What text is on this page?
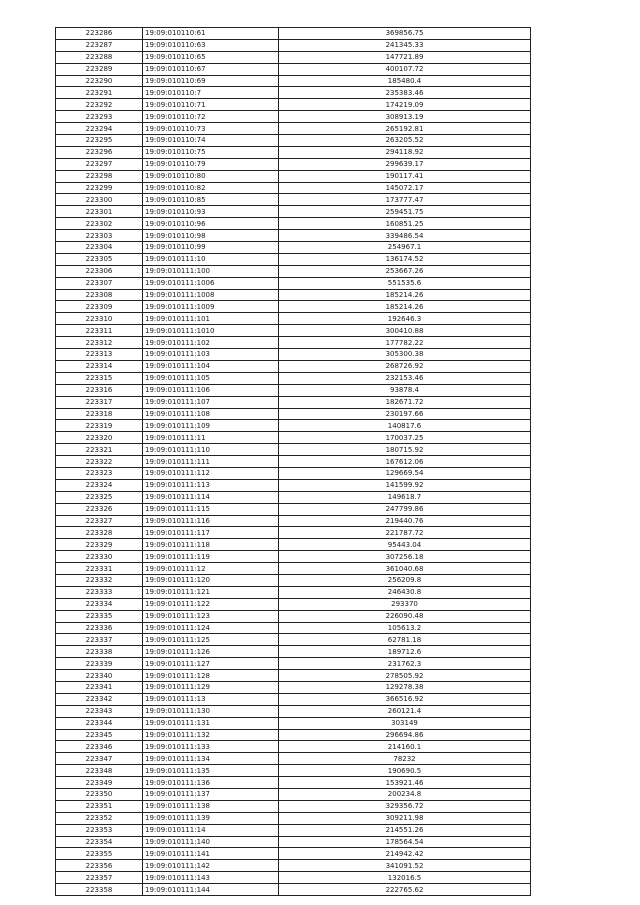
223286	19:09:010110:61	369856.75
223287	19:09:010110:63	241345.33
223288	19:09:010110:65	147721.89
223289	19:09:010110:67	400107.72
223290	19:09:010110:69	185480.4
223291	19:09:010110:7	235383.46
223292	19:09:010110:71	174219.09
223293	19:09:010110:72	308913.19
223294	19:09:010110:73	265192.81
223295	19:09:010110:74	263205.52
223296	19:09:010110:75	294118.92
223297	19:09:010110:79	299639.17
223298	19:09:010110:80	190117.41
223299	19:09:010110:82	145072.17
223300	19:09:010110:85	173777.47
223301	19:09:010110:93	259451.75
223302	19:09:010110:96	160851.25
223303	19:09:010110:98	339486.54
223304	19:09:010110:99	254967.1
223305	19:09:010111:10	136174.52
223306	19:09:010111:100	253667.26
223307	19:09:010111:1006	551535.6
223308	19:09:010111:1008	185214.26
223309	19:09:010111:1009	185214.26
223310	19:09:010111:101	192646.3
223311	19:09:010111:1010	300410.88
223312	19:09:010111:102	177782.22
223313	19:09:010111:103	305300.38
223314	19:09:010111:104	268726.92
223315	19:09:010111:105	232153.46
223316	19:09:010111:106	93878.4
223317	19:09:010111:107	182671.72
223318	19:09:010111:108	230197.66
223319	19:09:010111:109	140817.6
223320	19:09:010111:11	170037.25
223321	19:09:010111:110	180715.92
223322	19:09:010111:111	167612.06
223323	19:09:010111:112	129669.54
223324	19:09:010111:113	141599.92
223325	19:09:010111:114	149618.7
223326	19:09:010111:115	247799.86
223327	19:09:010111:116	219440.76
223328	19:09:010111:117	221787.72
223329	19:09:010111:118	95443.04
223330	19:09:010111:119	307256.18
223331	19:09:010111:12	361040.68
223332	19:09:010111:120	256209.8
223333	19:09:010111:121	246430.8
223334	19:09:010111:122	293370
223335	19:09:010111:123	226090.48
223336	19:09:010111:124	105613.2
223337	19:09:010111:125	62781.18
223338	19:09:010111:126	189712.6
223339	19:09:010111:127	231762.3
223340	19:09:010111:128	278505.92
223341	19:09:010111:129	129278.38
223342	19:09:010111:13	366516.92
223343	19:09:010111:130	260121.4
223344	19:09:010111:131	303149
223345	19:09:010111:132	296694.86
223346	19:09:010111:133	214160.1
223347	19:09:010111:134	78232
223348	19:09:010111:135	190690.5
223349	19:09:010111:136	153921.46
223350	19:09:010111:137	200234.8
223351	19:09:010111:138	329356.72
223352	19:09:010111:139	309211.98
223353	19:09:010111:14	214551.26
223354	19:09:010111:140	178564.54
223355	19:09:010111:141	214942.42
223356	19:09:010111:142	341091.52
223357	19:09:010111:143	132016.5
223358	19:09:010111:144	222765.62
